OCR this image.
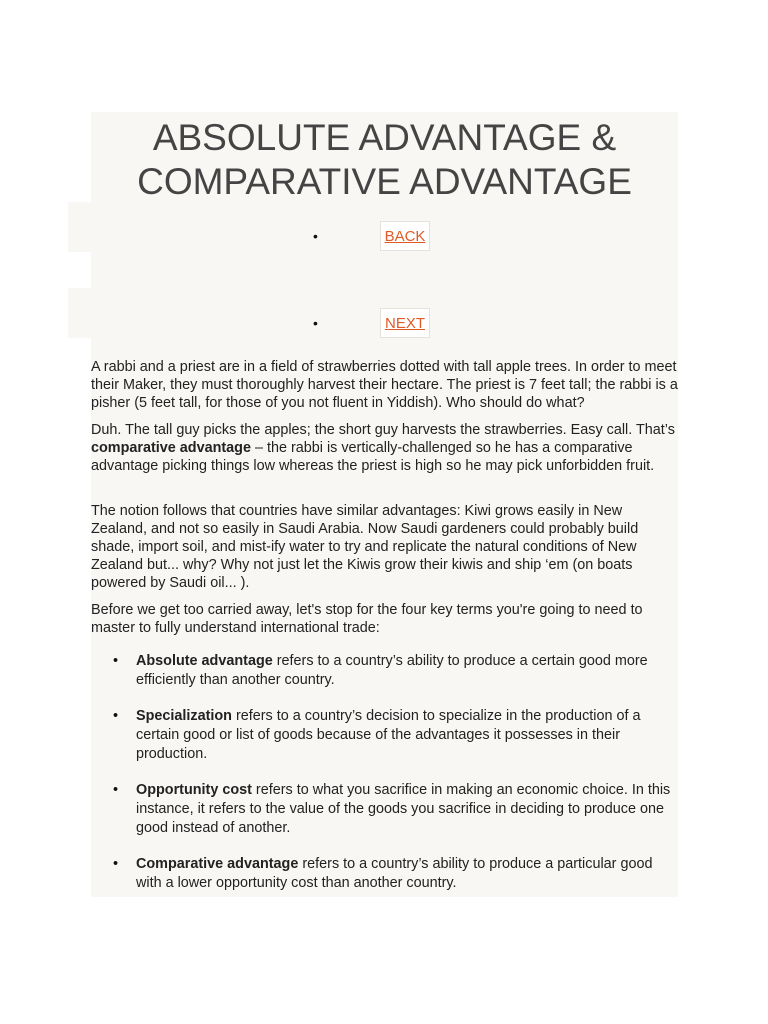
ABSOLUTE ADVANTAGE &
COMPARATIVE ADVANTAGE
•	BACK
•	NEXT

A rabbi and a priest are in a field of strawberries dotted with tall apple trees. In order to meet their Maker, they must thoroughly harvest their hectare. The priest is 7 feet tall; the rabbi is a pisher (5 feet tall, for those of you not fluent in Yiddish). Who should do what?

Duh. The tall guy picks the apples; the short guy harvests the strawberries. Easy call. That’s comparative advantage – the rabbi is vertically-challenged so he has a comparative advantage picking things low whereas the priest is high so he may pick unforbidden fruit.

The notion follows that countries have similar advantages: Kiwi grows easily in New Zealand, and not so easily in Saudi Arabia. Now Saudi gardeners could probably build shade, import soil, and mist-ify water to try and replicate the natural conditions of New Zealand but... why? Why not just let the Kiwis grow their kiwis and ship ‘em (on boats powered by Saudi oil... ).

Before we get too carried away, let's stop for the four key terms you're going to need to master to fully understand international trade:

• Absolute advantage refers to a country’s ability to produce a certain good more efficiently than another country.
• Specialization refers to a country’s decision to specialize in the production of a certain good or list of goods because of the advantages it possesses in their production.
• Opportunity cost refers to what you sacrifice in making an economic choice. In this instance, it refers to the value of the goods you sacrifice in deciding to produce one good instead of another.
• Comparative advantage refers to a country’s ability to produce a particular good with a lower opportunity cost than another country.
